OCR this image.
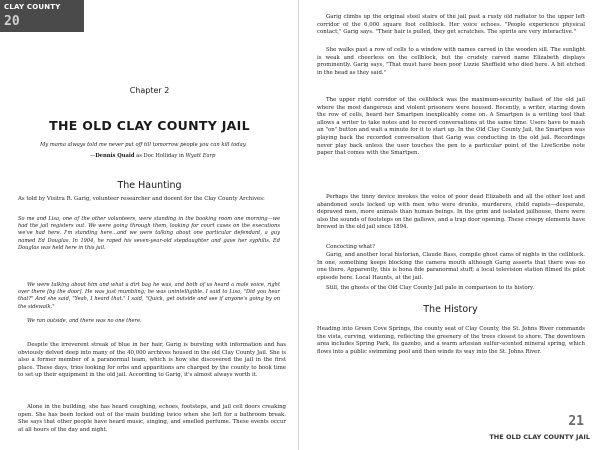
CLAY COUNTY
20
Chapter 2
THE OLD CLAY COUNTY JAIL
My mama always told me never put off till tomorrow people you can kill today.
—Dennis Quaid as Doc Holliday in Wyatt Earp
The Haunting

As told by Visitra R. Garig, volunteer researcher and docent for the Clay County Archives:

So me and Lisa, one of the other volunteers, were standing in the booking room one morning—we had the jail registers out. We were going through them, looking for court cases on the executions we've had here. I'm standing here...and we were talking about one particular defendant, a guy named Ed Douglas. In 1904, he raped his seven-year-old stepdaughter and gave her syphilis. Ed Douglas was held here in this jail.

We were talking about him and what a dirt bag he was, and both of us heard a male voice, right over there [by the door]. He was just mumbling; he was unintelligible. I said to Lisa, "Did you hear that?" And she said, "Yeah, I heard that." I said, "Quick, get outside and see if anyone's going by on the sidewalk."

We ran outside, and there was no one there.

Despite the irreverent streak of blue in her hair, Garig is bursting with information and has obviously delved deep into many of the 40,000 archives housed in the old Clay County Jail. She is also a former member of a paranormal team, which is how she discovered the jail in the first place. These days, trios looking for orbs and apparitions are charged by the county to book time to set up their equipment in the old jail. According to Garig, it's almost always worth it.

Alone in the building, she has heard coughing, echoes, footsteps, and jail cell doors creaking open. She has been locked out of the main building twice when she left for a bathroom break. She says that other people have heard music, singing, and smelled perfume. These events occur at all hours of the day and night.

Garig climbs up the original steel stairs of the jail past a rusty old radiator to the upper left corridor of the 6,000 square foot cellblock. Her voice echoes. "People experience physical contact," Garig says. "Their hair is pulled, they get scratches. The spirits are very interactive."

She walks past a row of cells to a window with names carved in the wooden sill. The sunlight is weak and cheerless on the cellblock, but the crudely carved name Elizabeth displays prominently. Garig says, "That must have been poor Lizzie Sheffield who died here. A bit etched in the head as they said."

The upper right corridor of the cellblock was the maximum-security ballast of the old jail where the most dangerous and violent prisoners were housed. Recently, a writer, staring down the row of cells, heard her Smartpen inexplicably come on. A Smartpen is a writing tool that allows a writer to take notes and to record conversations at the same time. Users have to mash an "on" button and wait a minute for it to start up. In the Old Clay County Jail, the Smartpen was playing back the recorded conversation that Garig was conducting in the old jail. Recordings never play back unless the user touches the pen to a particular point of the LiveScribe note paper that comes with the Smartpen.

Perhaps the tinny device invokes the voice of poor dead Elizabeth and all the other lost and abandoned souls locked up with men who were drunks, murderers, child rapists—desperate, depraved men, more animals than human beings. In the grim and isolated jailhouse, there were also the sounds of footsteps on the gallows, and a trap door opening. These creepy elements have brewed in the old jail since 1894.

Concocting what?

Garig, and another local historian, Claude Bass, compile ghost cams of nights in the cellblock. In one, something keeps blocking the camera mouth although Garig asserts that there was no one there. Apparently, this is bona fide paranormal stuff; a local television station filmed its pilot episode here. Local Haunts, at the jail.

Still, the ghosts of the Old Clay County Jail pale in comparison to its history.

The History

Heading into Green Cove Springs, the county seat of Clay County, the St. Johns River commands the vista, curving, widening, reflecting the greenery of the trees closest to shore. The downtown area includes Spring Park, its gazebo, and a warm artesian sulfur-scented mineral spring, which flows into a public swimming pool and then winds its way into the St. Johns River.

21
THE OLD CLAY COUNTY JAIL
